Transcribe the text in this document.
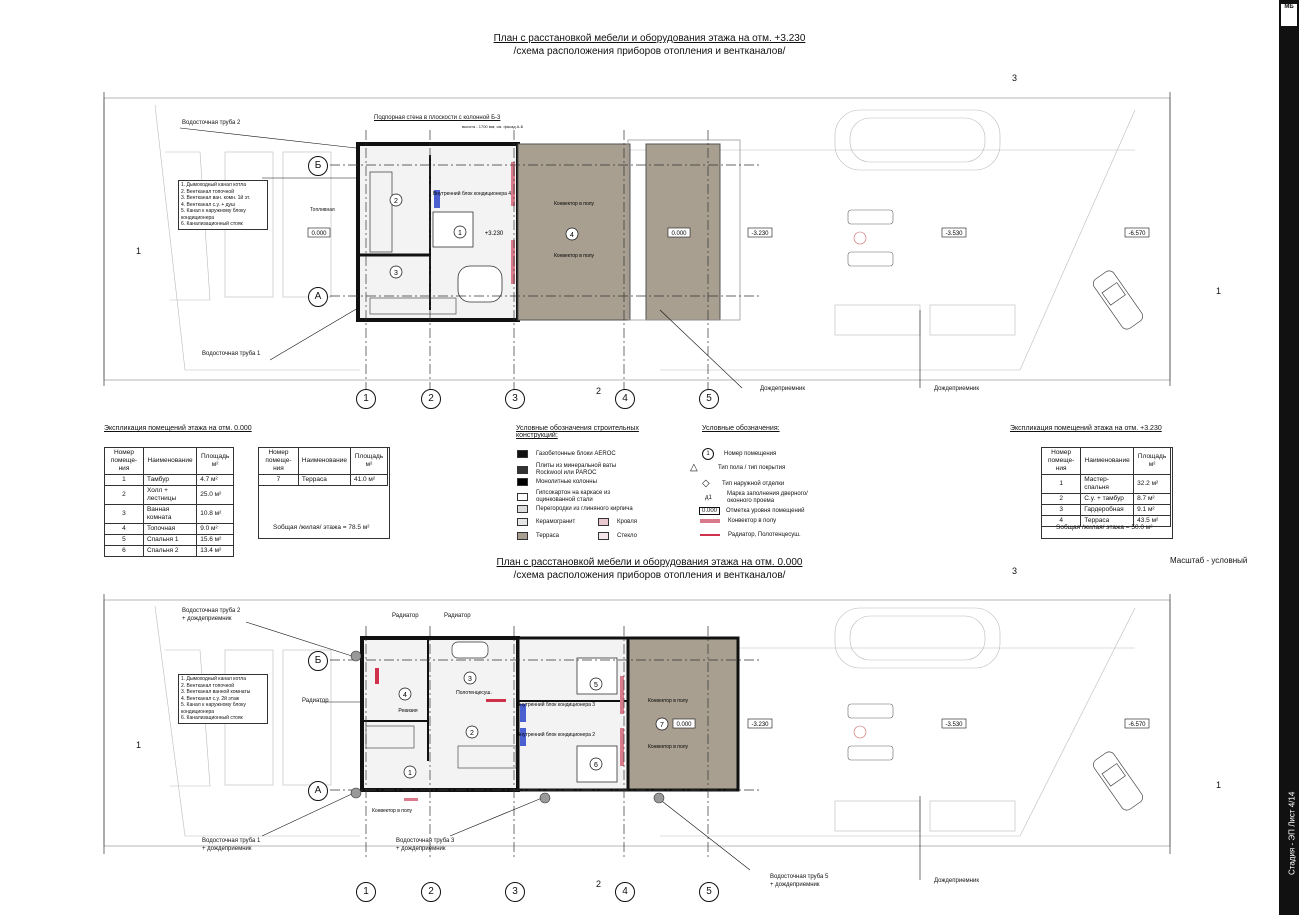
План с расстановкой мебели и оборудования этажа на отм. +3.230
/схема расположения приборов отопления и вентканалов/
План с расстановкой мебели и оборудования этажа на отм. 0.000
/схема расположения приборов отопления и вентканалов/
Масштаб - условный
2
1
3
4
0.000	+3.230	0.000	-3.230	-3.530	-6.570
Конвектор в полу
Конвектор в полу
Внутренний блок кондиционера 4
Водосточная труба 2
Водосточная труба 1
Подпорная стена в плоскости с колонной Б-3
высота - 1700 мм; см. фасад А-Б
Топливная
Дождеприемник	Дождеприемник
1. Дымоходный канал котла
2. Вентканал топочной
3. Вентканал вaн. комн. 1й эт.
4. Вентканал с.у. + душ
5. Канал к наружному блоку кондиционера
6. Канализационный стояк
1	2	3	4	5
Б
А
3
2
1
1
Экспликация помещений этажа на отм. 0.000
Номер помеще-ния	Наименование	Площадь м²
1	Тамбур	4.7 м²
2	Холл + лестницы	25.0 м²
3	Ванная комната	10.8 м²
4	Топочная	9.0 м²
5	Спальня 1	15.6 м²
6	Спальня 2	13.4 м²
Номер помеще-ния	Наименование	Площадь м²
7	Терраса	41.0 м²
Sобщая /жилая/ этажа = 78.5 м²
Условные обозначения строительных конструкций:
Газобетонные блоки AEROC
Плиты из минеральной ваты Rockwool или PAROC
Монолитные колонны
Гипсокартон на каркасе из оцинкованной стали
Перегородки из глиняного кирпича
Керамогранит
Терраса
Кровля
Стекло
Условные обозначения:
1	Номер помещения
△	Тип пола / тип покрытия
◇	Тип наружной отделки
д1
Марка заполнения дверного/оконного проема
0.000	Отметка уровня помещений
Конвектор в полу
Радиатор, Полотенцесуш.
Экспликация помещений этажа на отм. +3.230
Номер помеще-ния	Наименование	Площадь м²
1	Мастер-спальня	32.2 м²
2	С.у. + тамбур	8.7 м²
3	Гардеробная	9.1 м²
4	Терраса	43.5 м²
Sобщая /жилая/ этажа = 50.0 м²
1
2
3
4
5
6
7 0.000	-3.230	-3.530	-6.570
Конвектор в полу
Конвектор в полу
Конвектор в полу
Внутренний блок кондиционера 3
Внутренний блок кондиционера 2
Полотенцесуш.
Ревизия
Водосточная труба 2
+ дождеприемник	Радиатор	Радиатор
Радиатор
Водосточная труба 1
+ дождеприемник
Водосточная труба 3
+ дождеприемник
Водосточная труба 5
+ дождеприемник
Дождеприемник
1. Дымоходный канал котла
2. Вентканал топочной
3. Вентканал ванной комнаты
4. Вентканал с.у. 2й этаж
5. Канал к наружному блоку кондиционера
6. Канализационный стояк
1	2	3	4	5
Б
А
3
2
1
1
МБ
Стадия - ЭП Лист 4/14
